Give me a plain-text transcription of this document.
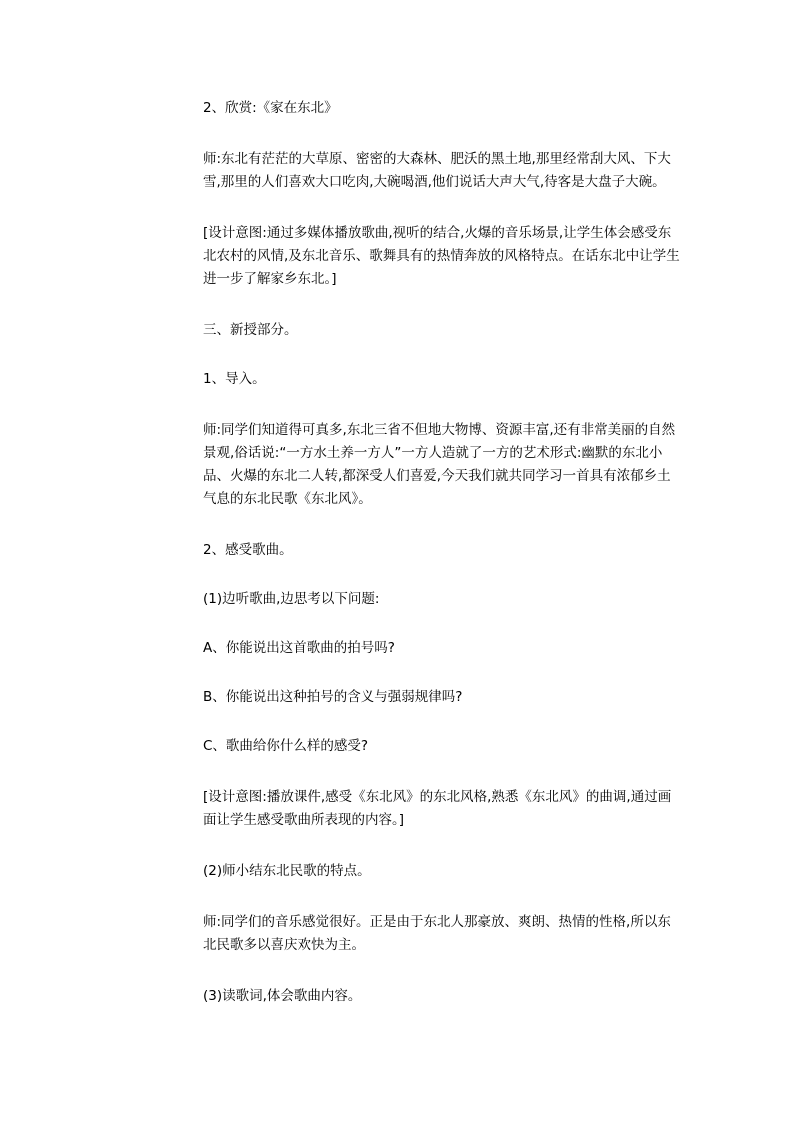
2、欣赏:《家在东北》

师:东北有茫茫的大草原、密密的大森林、肥沃的黑土地,那里经常刮大风、下大雪,那里的人们喜欢大口吃肉,大碗喝酒,他们说话大声大气,待客是大盘子大碗。

[设计意图:通过多媒体播放歌曲,视听的结合,火爆的音乐场景,让学生体会感受东北农村的风情,及东北音乐、歌舞具有的热情奔放的风格特点。在话东北中让学生进一步了解家乡东北。]

三、新授部分。

1、导入。

师:同学们知道得可真多,东北三省不但地大物博、资源丰富,还有非常美丽的自然景观,俗话说:“一方水土养一方人”一方人造就了一方的艺术形式:幽默的东北小品、火爆的东北二人转,都深受人们喜爱,今天我们就共同学习一首具有浓郁乡土气息的东北民歌《东北风》。

2、感受歌曲。

(1)边听歌曲,边思考以下问题:

A、你能说出这首歌曲的拍号吗?

B、你能说出这种拍号的含义与强弱规律吗?

C、歌曲给你什么样的感受?

[设计意图:播放课件,感受《东北风》的东北风格,熟悉《东北风》的曲调,通过画面让学生感受歌曲所表现的内容。]

(2)师小结东北民歌的特点。

师:同学们的音乐感觉很好。正是由于东北人那豪放、爽朗、热情的性格,所以东北民歌多以喜庆欢快为主。

(3)读歌词,体会歌曲内容。
